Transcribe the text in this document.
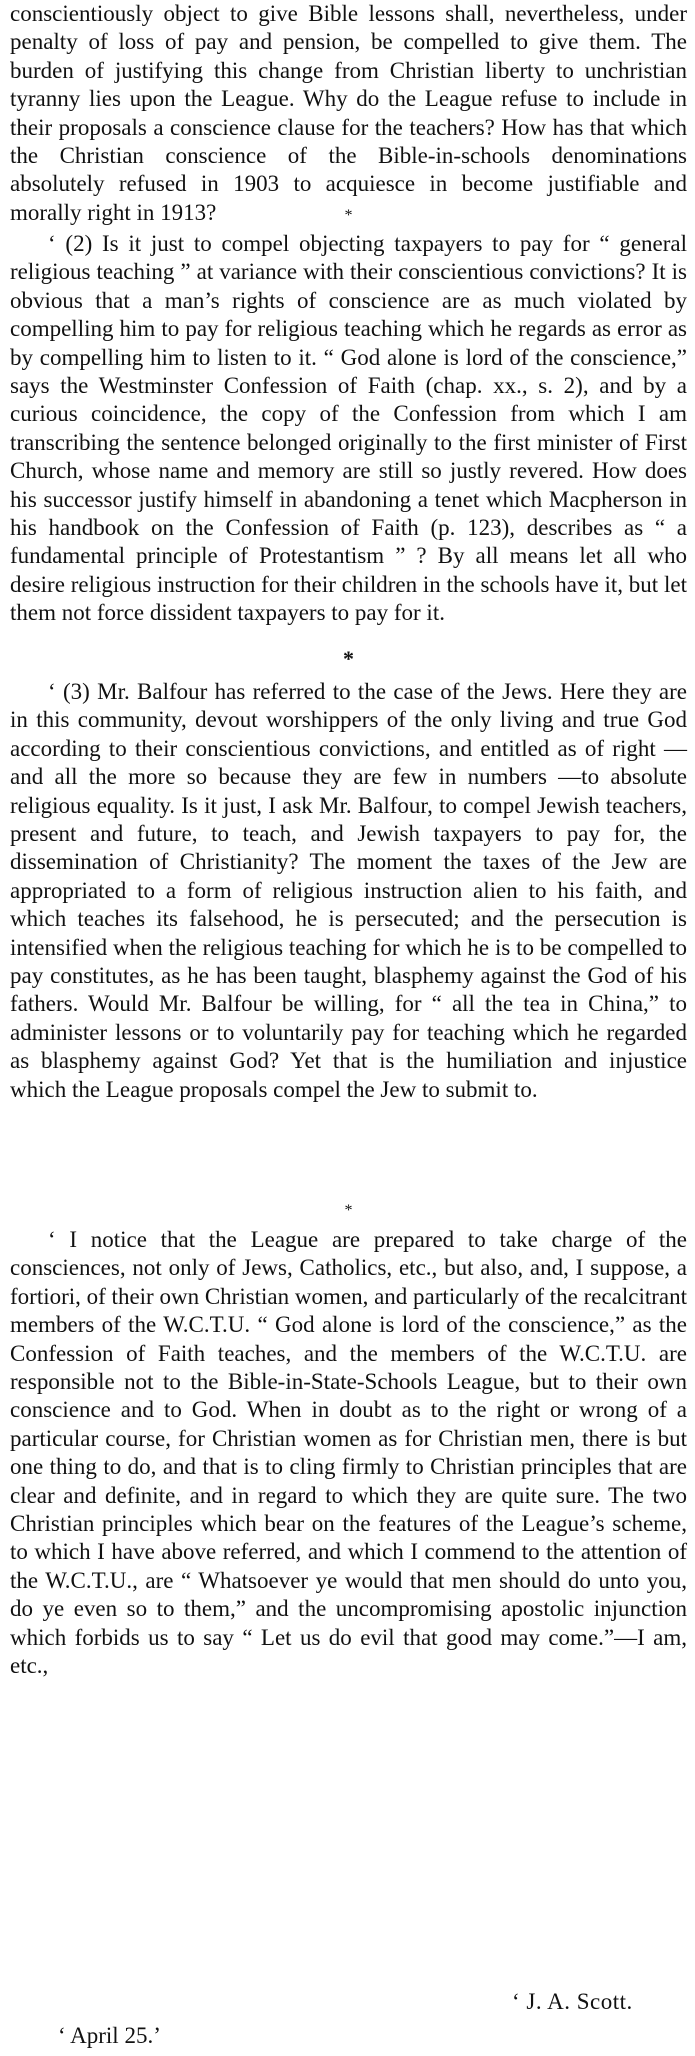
conscientiously object to give Bible lessons shall, nevertheless, under penalty of loss of pay and pension, be compelled to give them. The burden of justifying this change from Christian liberty to unchristian tyranny lies upon the League. Why do the League refuse to include in their proposals a conscience clause for the teachers? How has that which the Christian conscience of the Bible-in-schools denominations absolutely refused in 1903 to acquiesce in become justifiable and morally right in 1913?	*

‘ (2) Is it just to compel objecting taxpayers to pay for “ general religious teaching ” at variance with their conscientious convictions? It is obvious that a man’s rights of conscience are as much violated by compelling him to pay for religious teaching which he regards as error as by compelling him to listen to it. “ God alone is lord of the conscience,” says the Westminster Confession of Faith (chap. xx., s. 2), and by a curious coincidence, the copy of the Confession from which I am transcribing the sentence belonged originally to the first minister of First Church, whose name and memory are still so justly revered. How does his successor justify himself in abandoning a tenet which Macpherson in his handbook on the Confession of Faith (p. 123), describes as “ a fundamental principle of Protestantism ” ? By all means let all who desire religious instruction for their children in the schools have it, but let them not force dissident taxpayers to pay for it.

*

‘ (3) Mr. Balfour has referred to the case of the Jews. Here they are in this community, devout worshippers of the only living and true God according to their conscientious convictions, and entitled as of right —and all the more so because they are few in numbers —to absolute religious equality. Is it just, I ask Mr. Balfour, to compel Jewish teachers, present and future, to teach, and Jewish taxpayers to pay for, the dissemination of Christianity? The moment the taxes of the Jew are appropriated to a form of religious instruction alien to his faith, and which teaches its falsehood, he is persecuted; and the persecution is intensified when the religious teaching for which he is to be compelled to pay constitutes, as he has been taught, blasphemy against the God of his fathers. Would Mr. Balfour be willing, for “ all the tea in China,” to administer lessons or to voluntarily pay for teaching which he regarded as blasphemy against God? Yet that is the humiliation and injustice which the League proposals compel the Jew to submit to.

*

‘ I notice that the League are prepared to take charge of the consciences, not only of Jews, Catholics, etc., but also, and, I suppose, a fortiori, of their own Christian women, and particularly of the recalcitrant members of the W.C.T.U. “ God alone is lord of the conscience,” as the Confession of Faith teaches, and the members of the W.C.T.U. are responsible not to the Bible-in-State-Schools League, but to their own conscience and to God. When in doubt as to the right or wrong of a particular course, for Christian women as for Christian men, there is but one thing to do, and that is to cling firmly to Christian principles that are clear and definite, and in regard to which they are quite sure. The two Christian principles which bear on the features of the League’s scheme, to which I have above referred, and which I commend to the attention of the W.C.T.U., are “ Whatsoever ye would that men should do unto you, do ye even so to them,” and the uncompromising apostolic injunction which forbids us to say “ Let us do evil that good may come.”—I am, etc.,

‘ J. A. Scott.
‘ April 25.’
